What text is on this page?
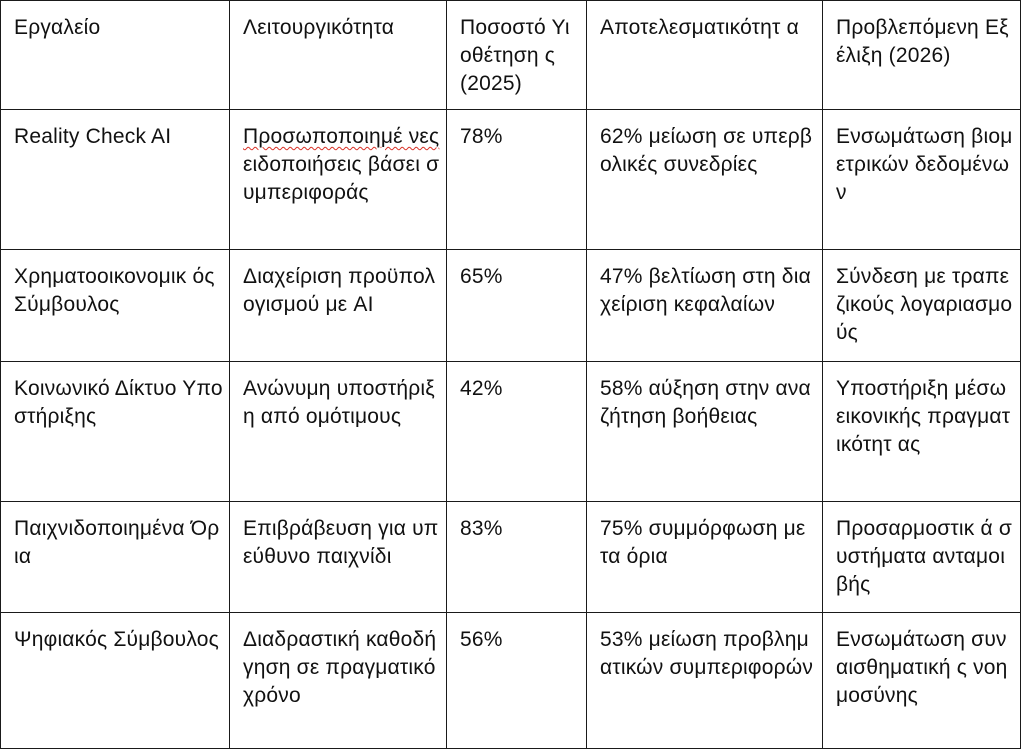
Εργαλείο	Λειτουργικότητα	Ποσοστό Υιοθέτηση ς (2025)	Αποτελεσματικότητ α	Προβλεπόμενη Εξέλιξη (2026)
Reality Check AI	Προσωποποιημέ νες ειδοποιήσεις βάσει συμπεριφοράς	78%	62% μείωση σε υπερβολικές συνεδρίες	Ενσωμάτωση βιομετρικών δεδομένων
Χρηματοοικονομικ ός Σύμβουλος	Διαχείριση προϋπολογισμού με AI	65%	47% βελτίωση στη διαχείριση κεφαλαίων	Σύνδεση με τραπεζικούς λογαριασμούς
Κοινωνικό Δίκτυο Υποστήριξης	Ανώνυμη υποστήριξη από ομότιμους	42%	58% αύξηση στην αναζήτηση βοήθειας	Υποστήριξη μέσω εικονικής πραγματικότητ ας
Παιχνιδοποιημένα Όρια	Επιβράβευση για υπεύθυνο παιχνίδι	83%	75% συμμόρφωση με τα όρια	Προσαρμοστικ ά συστήματα ανταμοιβής
Ψηφιακός Σύμβουλος	Διαδραστική καθοδήγηση σε πραγματικό χρόνο	56%	53% μείωση προβληματικών συμπεριφορών	Ενσωμάτωση συναισθηματική ς νοημοσύνης
